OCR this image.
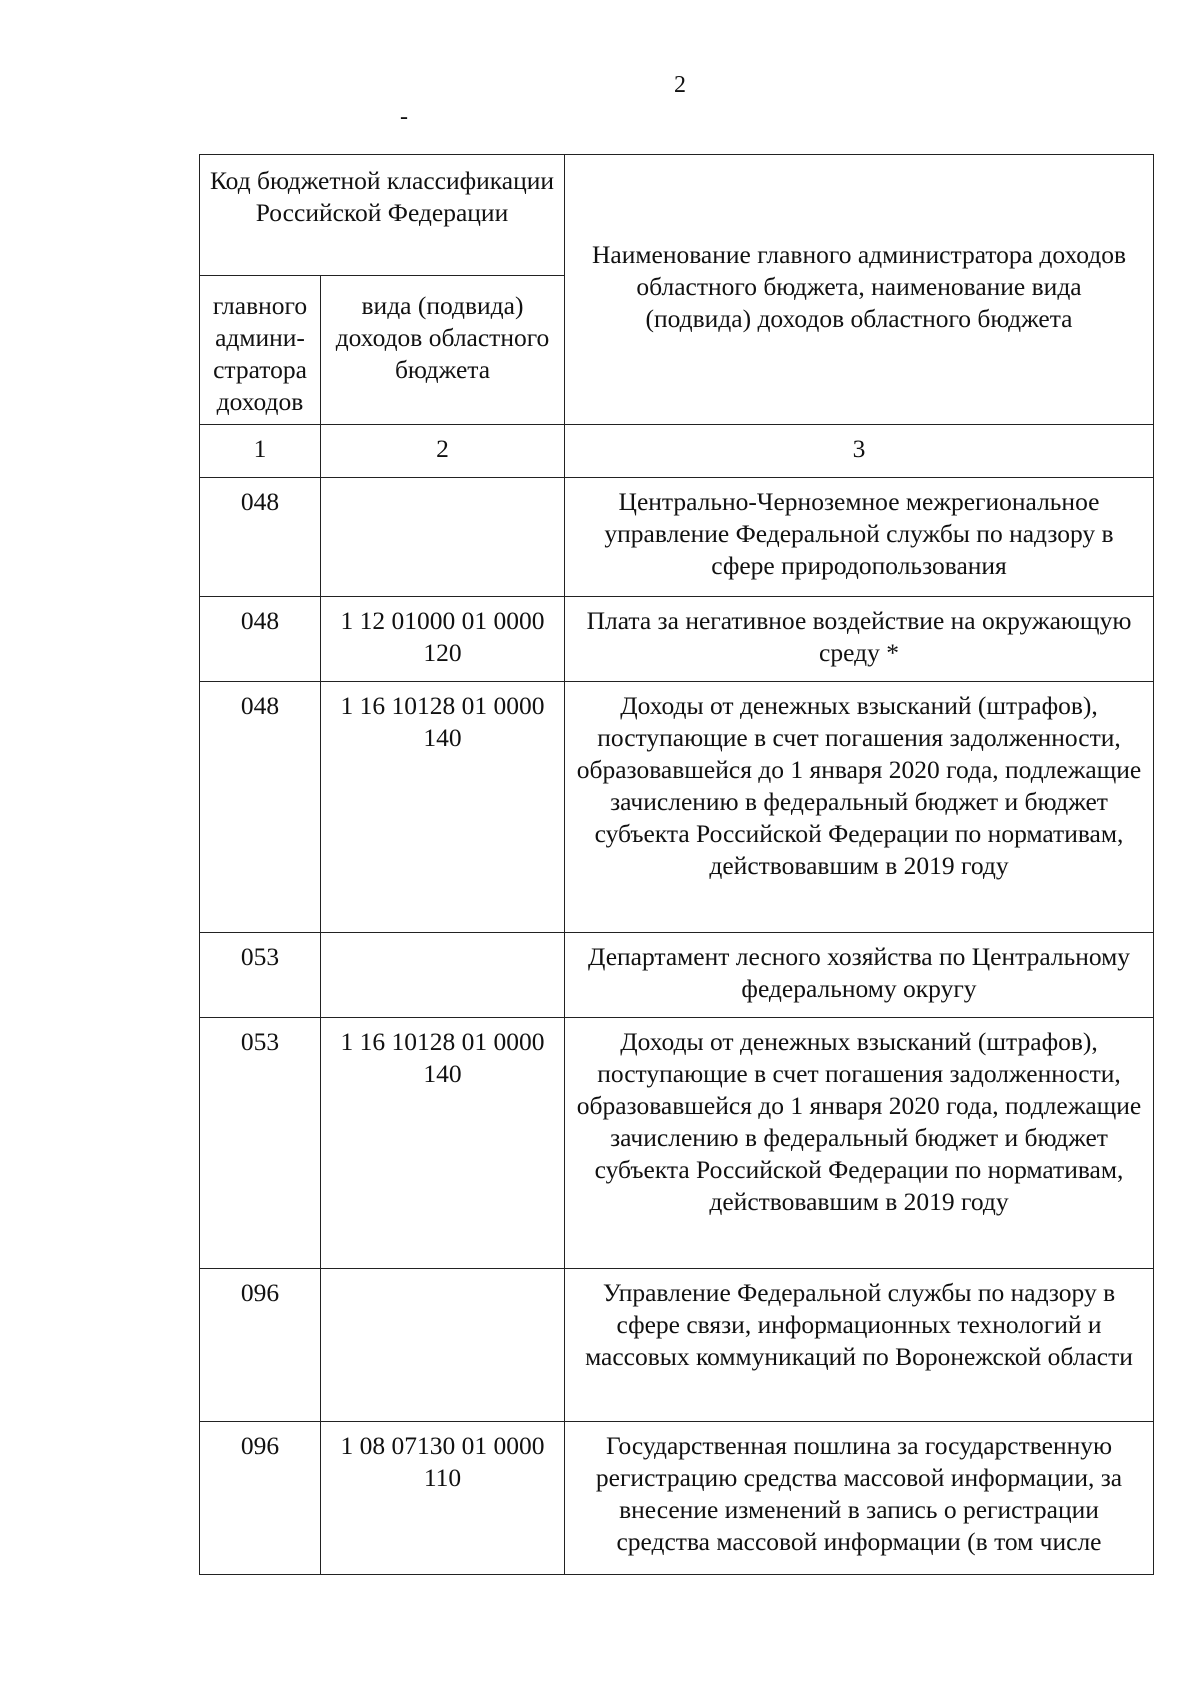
2
-
Код бюджетной классификации Российской Федерации		Наименование главного администратора доходов областного бюджета, наименование вида (подвида) доходов областного бюджета
главного админи-стратора доходов	вида (подвида) доходов областного бюджета	
1	2	3
048		Центрально-Черноземное межрегиональное управление Федеральной службы по надзору в сфере природопользования
048	1 12 01000 01 0000 120	Плата за негативное воздействие на окружающую среду *
048	1 16 10128 01 0000 140	Доходы от денежных взысканий (штрафов), поступающие в счет погашения задолженности, образовавшейся до 1 января 2020 года, подлежащие зачислению в федеральный бюджет и бюджет субъекта Российской Федерации по нормативам, действовавшим в 2019 году
053		Департамент лесного хозяйства по Центральному федеральному округу
053	1 16 10128 01 0000 140	Доходы от денежных взысканий (штрафов), поступающие в счет погашения задолженности, образовавшейся до 1 января 2020 года, подлежащие зачислению в федеральный бюджет и бюджет субъекта Российской Федерации по нормативам, действовавшим в 2019 году
096		Управление Федеральной службы по надзору в сфере связи, информационных технологий и массовых коммуникаций по Воронежской области
096	1 08 07130 01 0000 110	Государственная пошлина за государственную регистрацию средства массовой информации, за внесение изменений в запись о регистрации средства массовой информации (в том числе
